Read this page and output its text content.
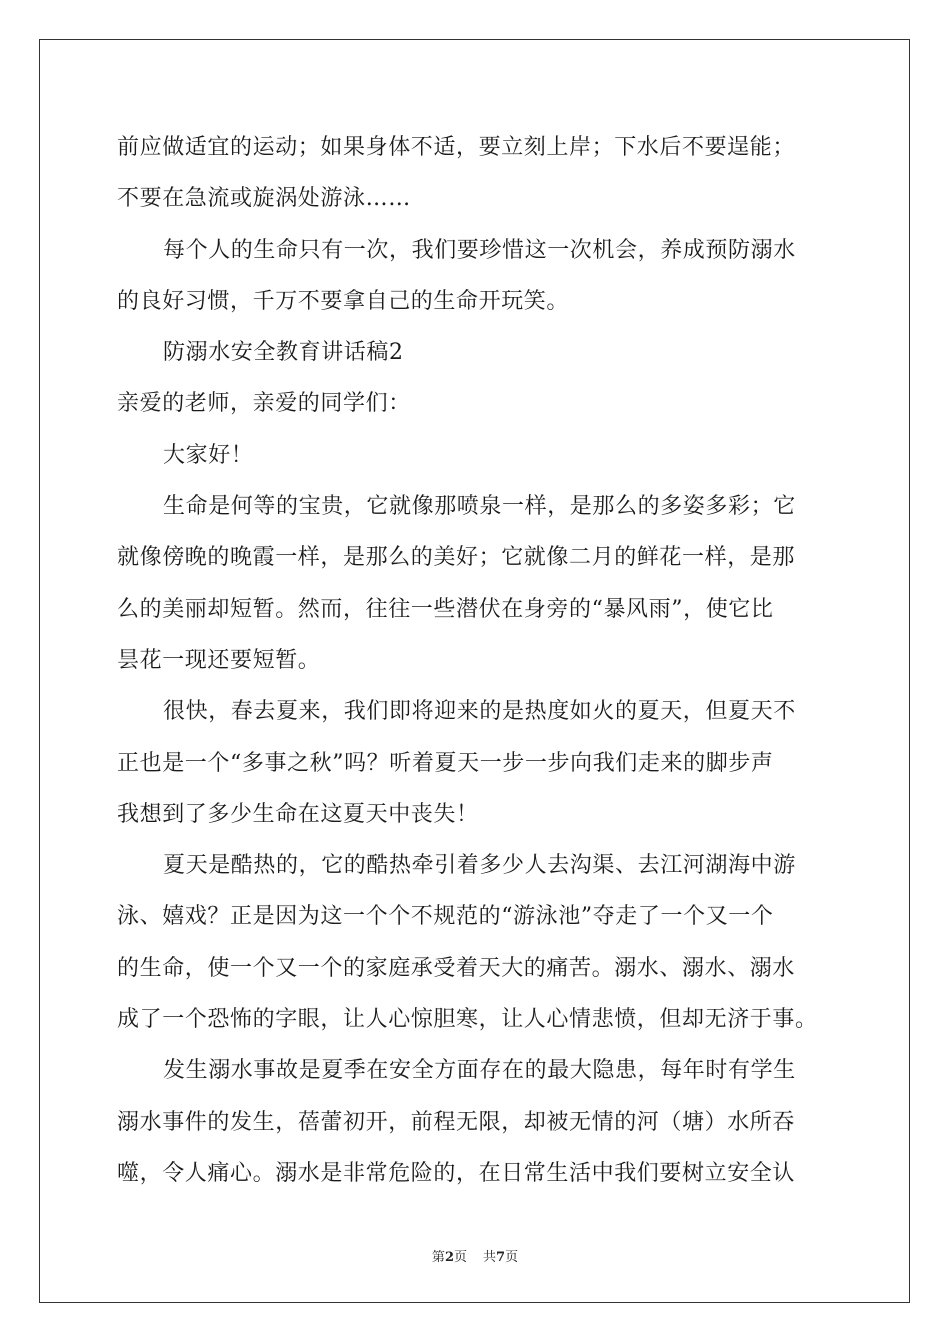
前应做适宜的运动；如果身体不适，要立刻上岸；下水后不要逞能；
不要在急流或旋涡处游泳……
每个人的生命只有一次，我们要珍惜这一次机会，养成预防溺水
的良好习惯，千万不要拿自己的生命开玩笑。
防溺水安全教育讲话稿2
亲爱的老师，亲爱的同学们：
大家好！
生命是何等的宝贵，它就像那喷泉一样，是那么的多姿多彩；它
就像傍晚的晚霞一样，是那么的美好；它就像二月的鲜花一样，是那
么的美丽却短暂。然而，往往一些潜伏在身旁的“暴风雨”，使它比
昙花一现还要短暂。
很快，春去夏来，我们即将迎来的是热度如火的夏天，但夏天不
正也是一个“多事之秋”吗？听着夏天一步一步向我们走来的脚步声
我想到了多少生命在这夏天中丧失！
夏天是酷热的，它的酷热牵引着多少人去沟渠、去江河湖海中游
泳、嬉戏？正是因为这一个个不规范的“游泳池”夺走了一个又一个
的生命，使一个又一个的家庭承受着天大的痛苦。溺水、溺水、溺水
成了一个恐怖的字眼，让人心惊胆寒，让人心情悲愤，但却无济于事。
发生溺水事故是夏季在安全方面存在的最大隐患，每年时有学生
溺水事件的发生，蓓蕾初开，前程无限，却被无情的河（塘）水所吞
噬，令人痛心。溺水是非常危险的，在日常生活中我们要树立安全认
第2页 共7页
